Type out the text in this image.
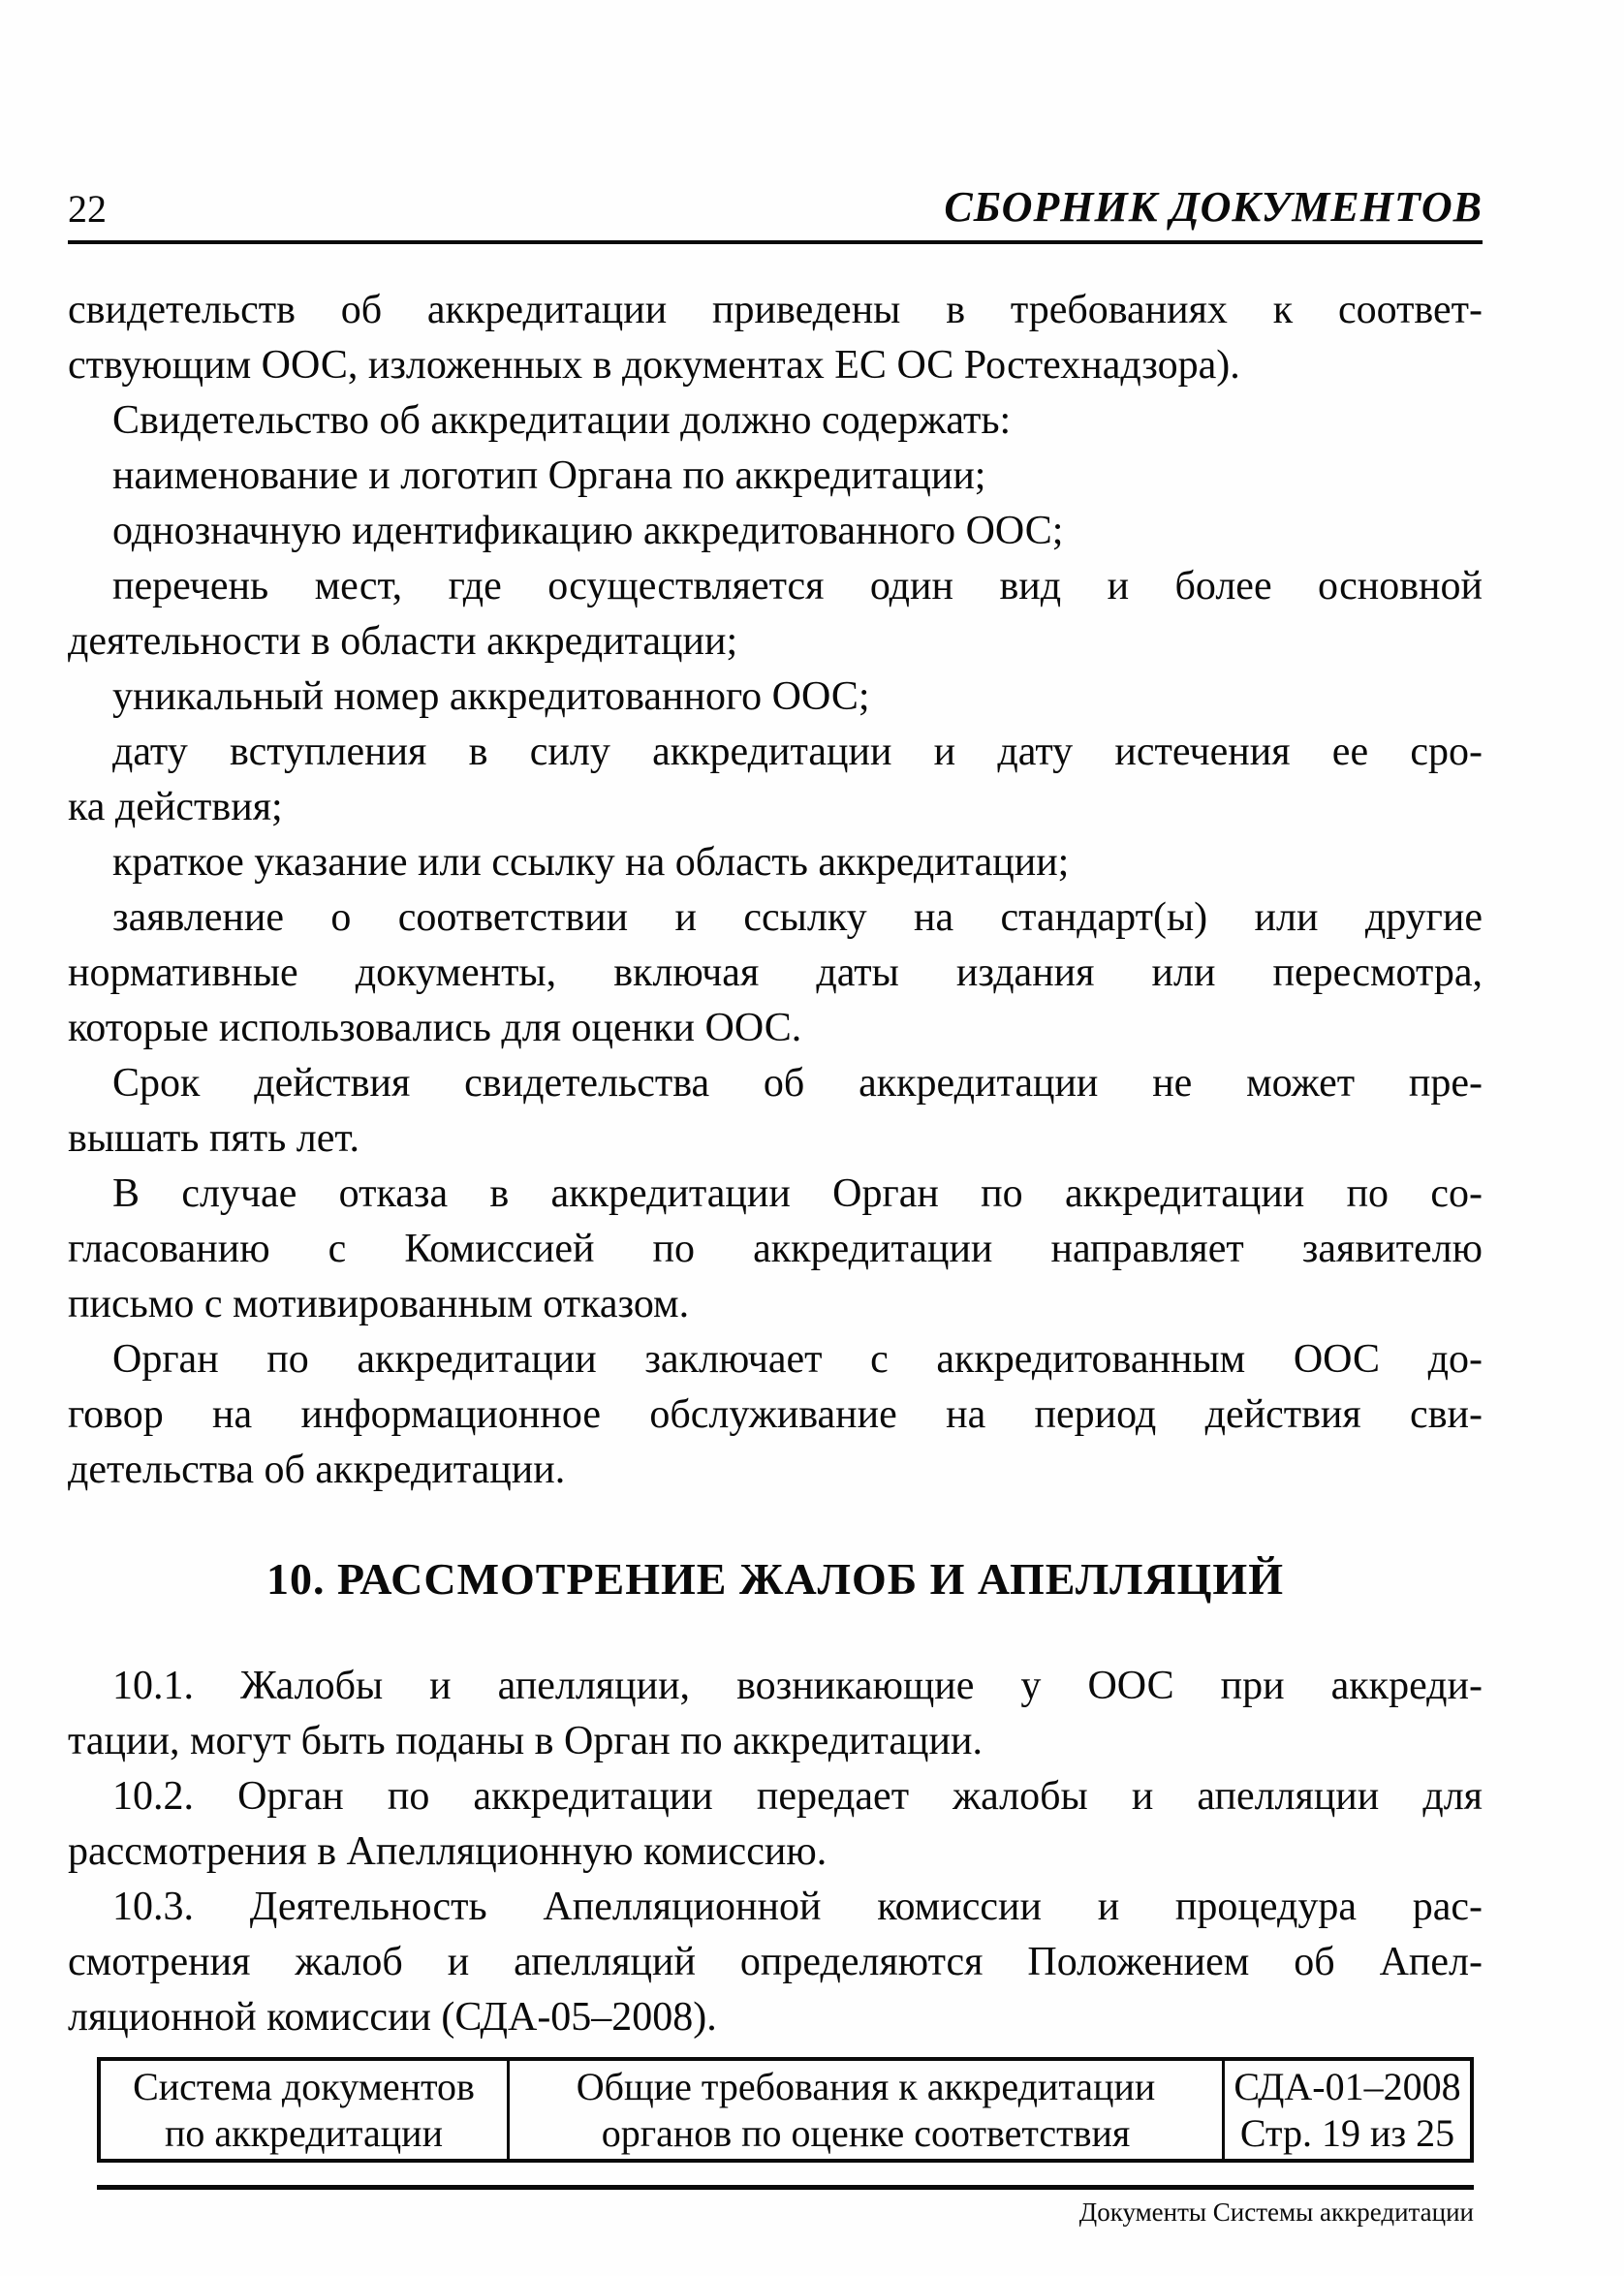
22	СБОРНИК ДОКУМЕНТОВ
свидетельств об аккредитации приведены в требованиях к соответ-
ствующим ООС, изложенных в документах ЕС ОС Ростехнадзора).
Свидетельство об аккредитации должно содержать:
наименование и логотип Органа по аккредитации;
однозначную идентификацию аккредитованного ООС;
перечень мест, где осуществляется один вид и более основной
деятельности в области аккредитации;
уникальный номер аккредитованного ООС;
дату вступления в силу аккредитации и дату истечения ее сро-
ка действия;
краткое указание или ссылку на область аккредитации;
заявление о соответствии и ссылку на стандарт(ы) или другие
нормативные документы, включая даты издания или пересмотра,
которые использовались для оценки ООС.
Срок действия свидетельства об аккредитации не может пре-
вышать пять лет.
В случае отказа в аккредитации Орган по аккредитации по со-
гласованию с Комиссией по аккредитации направляет заявителю
письмо с мотивированным отказом.
Орган по аккредитации заключает с аккредитованным ООС до-
говор на информационное обслуживание на период действия сви-
детельства об аккредитации.
10. РАССМОТРЕНИЕ ЖАЛОБ И АПЕЛЛЯЦИЙ
10.1. Жалобы и апелляции, возникающие у ООС при аккреди-
тации, могут быть поданы в Орган по аккредитации.
10.2. Орган по аккредитации передает жалобы и апелляции для
рассмотрения в Апелляционную комиссию.
10.3. Деятельность Апелляционной комиссии и процедура рас-
смотрения жалоб и апелляций определяются Положением об Апел-
ляционной комиссии (СДА-05–2008).
Система документов
по аккредитации
Общие требования к аккредитации
органов по оценке соответствия
СДА-01–2008
Стр. 19 из 25
Документы Системы аккредитации
